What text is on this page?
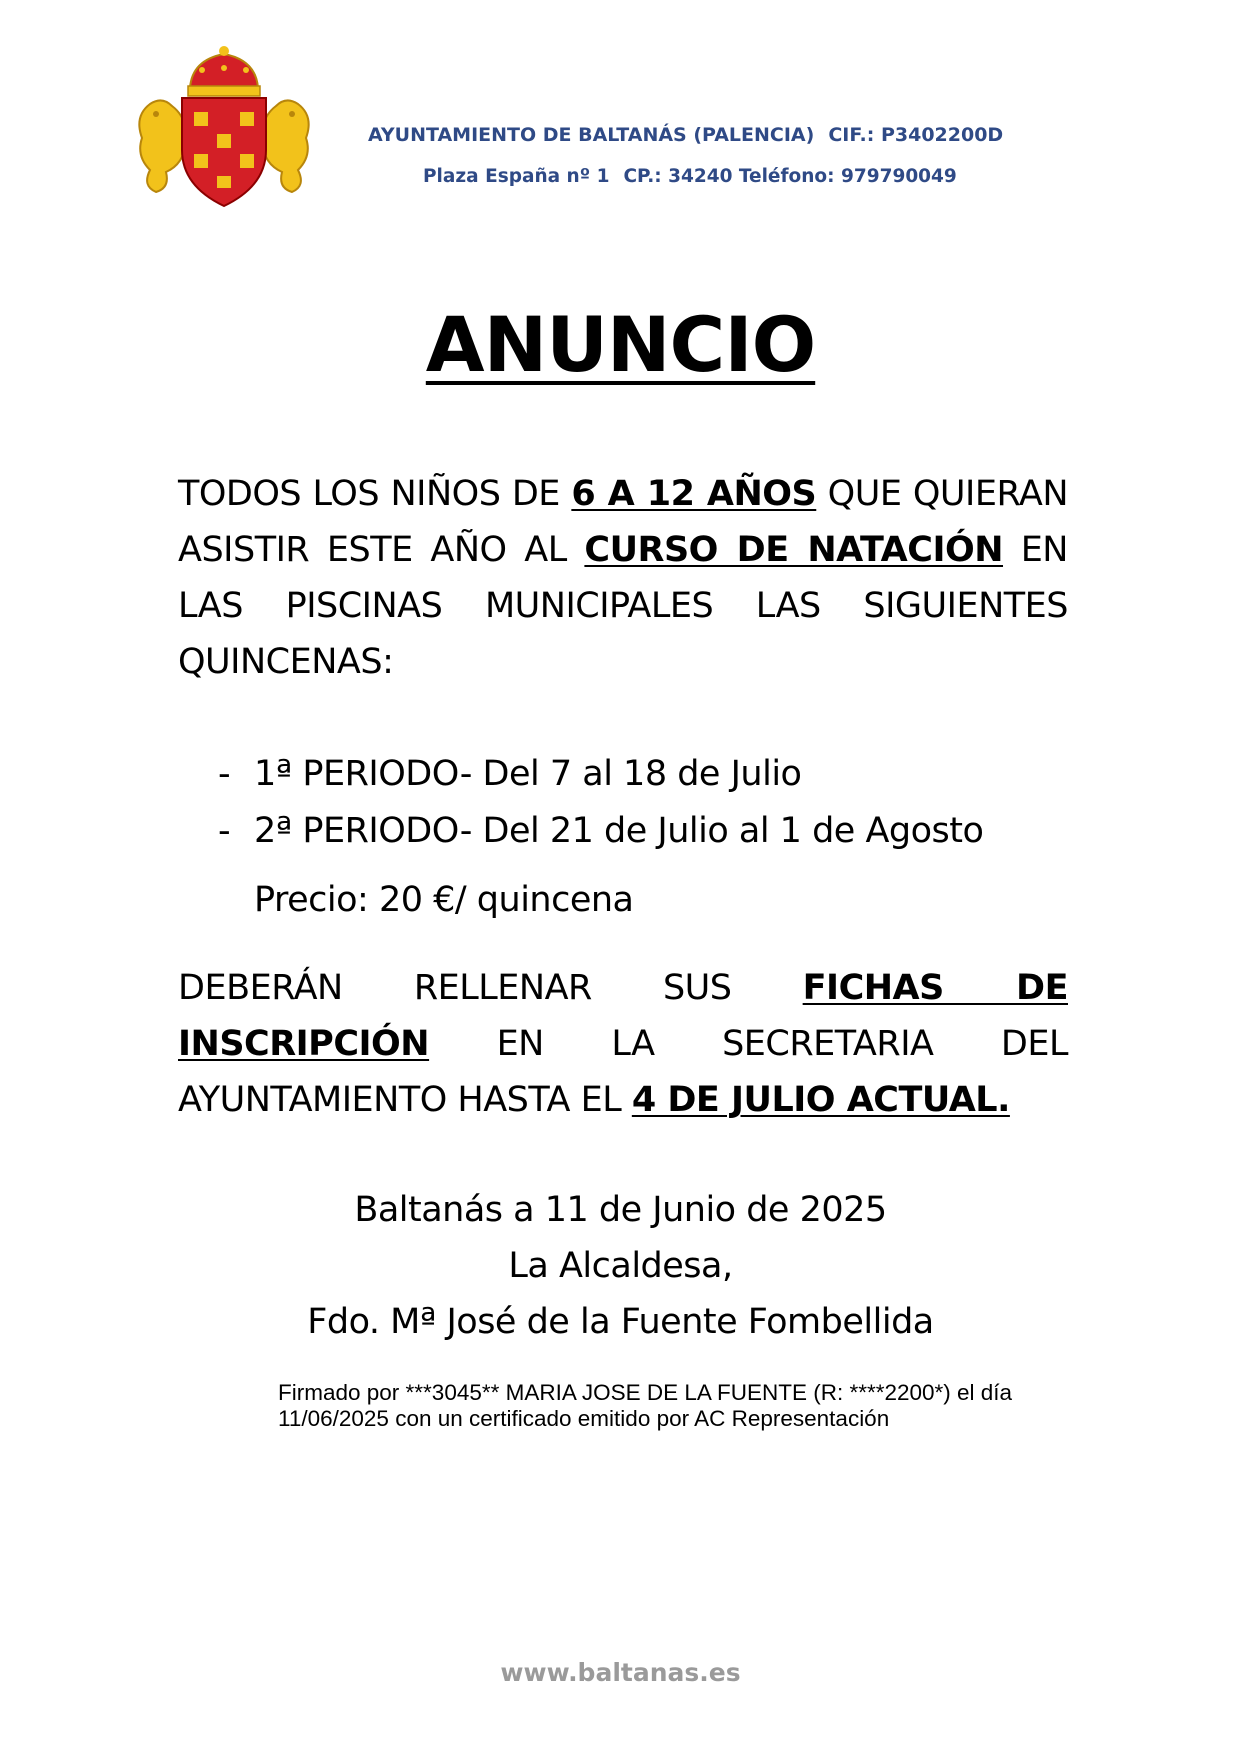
AYUNTAMIENTO DE BALTANÁS (PALENCIA) CIF.: P3402200D
Plaza España nº 1 CP.: 34240 Teléfono: 979790049
ANUNCIO
TODOS LOS NIÑOS DE 6 A 12 AÑOS QUE QUIERAN ASISTIR ESTE AÑO AL CURSO DE NATACIÓN EN LAS PISCINAS MUNICIPALES LAS SIGUIENTES QUINCENAS:
- 1ª PERIODO- Del 7 al 18 de Julio
- 2ª PERIODO- Del 21 de Julio al 1 de Agosto
Precio: 20 €/ quincena
DEBERÁN RELLENAR SUS FICHAS DE INSCRIPCIÓN EN LA SECRETARIA DEL AYUNTAMIENTO HASTA EL 4 DE JULIO ACTUAL.
Baltanás a 11 de Junio de 2025
La Alcaldesa,
Fdo. Mª José de la Fuente Fombellida
Firmado por ***3045** MARIA JOSE DE LA FUENTE (R: ****2200*) el día 11/06/2025 con un certificado emitido por AC Representación
www.baltanas.es
